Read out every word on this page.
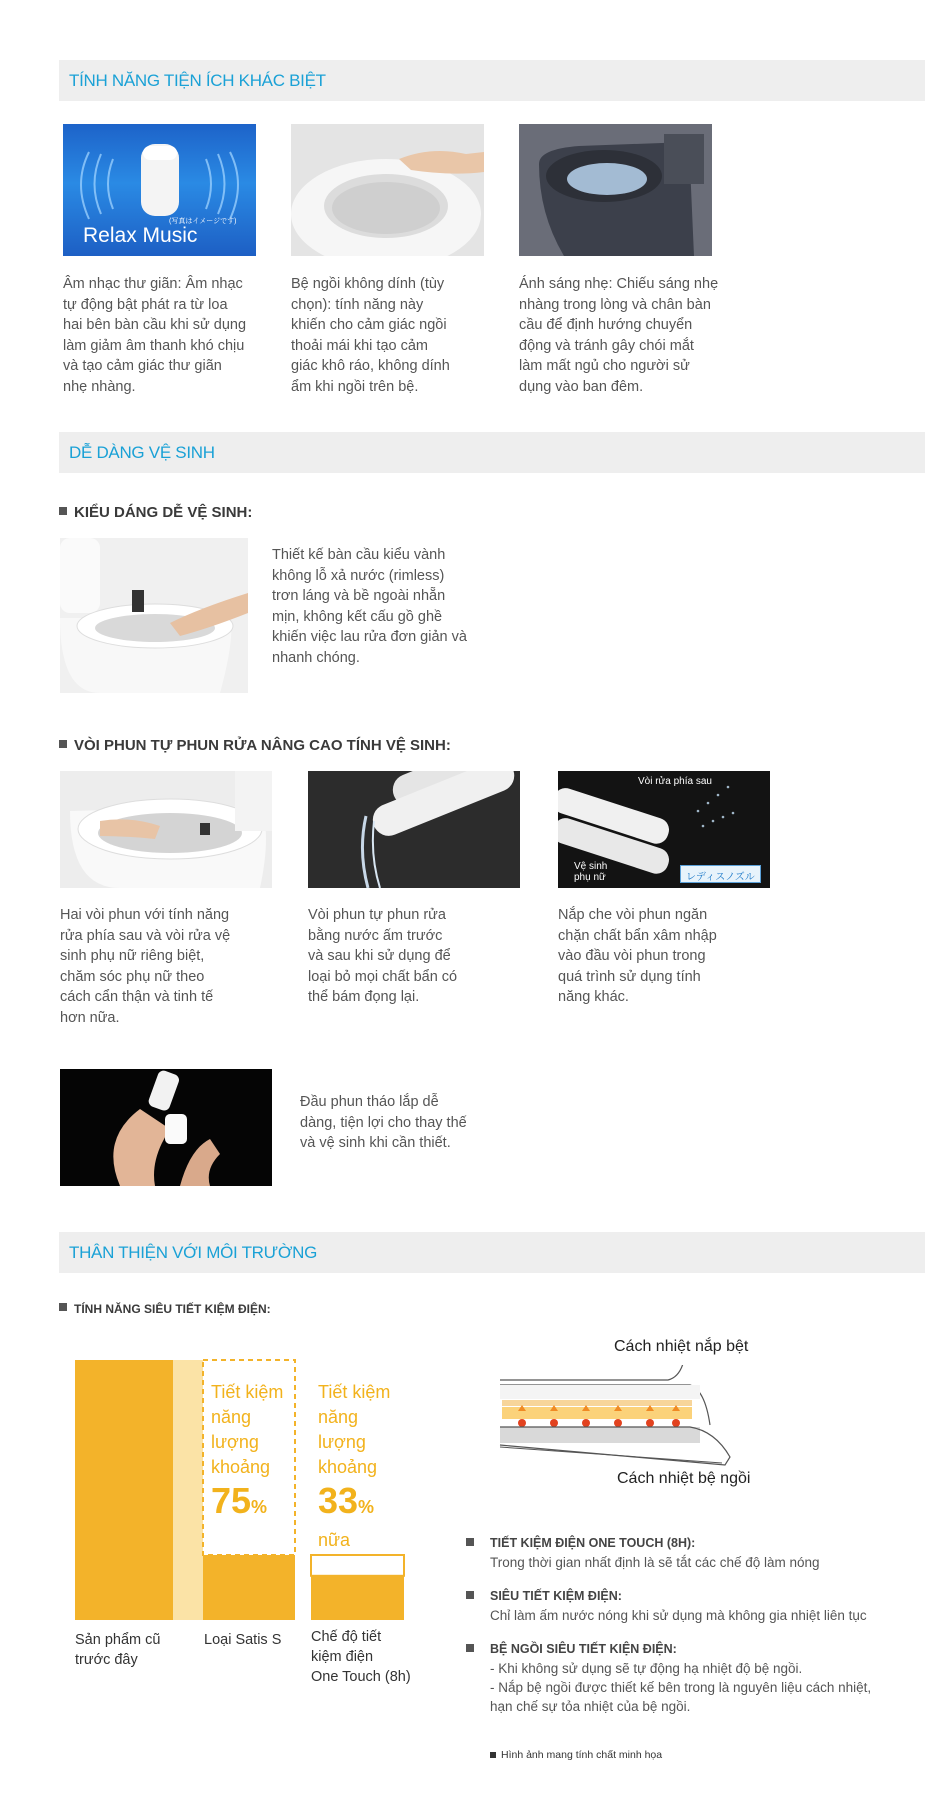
TÍNH NĂNG TIỆN ÍCH KHÁC BIỆT
(写真はイメージです)
Relax Music
Âm nhạc thư giãn: Âm nhạc
tự động bật phát ra từ loa
hai bên bàn cầu khi sử dụng
làm giảm âm thanh khó chịu
và tạo cảm giác thư giãn
nhẹ nhàng.
Bệ ngồi không dính (tùy
chọn): tính năng này
khiến cho cảm giác ngồi
thoải mái khi tạo cảm
giác khô ráo, không dính
ẩm khi ngồi trên bệ.
Ánh sáng nhẹ: Chiếu sáng nhẹ
nhàng trong lòng và chân bàn
cầu để định hướng chuyển
động và tránh gây chói mắt
làm mất ngủ cho người sử
dụng vào ban đêm.
DỄ DÀNG VỆ SINH
KIỂU DÁNG DỄ VỆ SINH:
Thiết kế bàn cầu kiểu vành
không lỗ xả nước (rimless)
trơn láng và bề ngoài nhẵn
mịn, không kết cấu gồ ghề
khiến việc lau rửa đơn giản và
nhanh chóng.
VÒI PHUN TỰ PHUN RỬA NÂNG CAO TÍNH VỆ SINH:
Vòi rửa phía sau
Vệ sinh
phụ nữ	レディスノズル
Hai vòi phun với tính năng
rửa phía sau và vòi rửa vệ
sinh phụ nữ riêng biệt,
chăm sóc phụ nữ theo
cách cẩn thận và tinh tế
hơn nữa.
Vòi phun tự phun rửa
bằng nước ấm trước
và sau khi sử dụng để
loại bỏ mọi chất bẩn có
thể bám đọng lại.
Nắp che vòi phun ngăn
chặn chất bẩn xâm nhập
vào đầu vòi phun trong
quá trình sử dụng tính
năng khác.
Đầu phun tháo lắp dễ
dàng, tiện lợi cho thay thế
và vệ sinh khi cần thiết.
THÂN THIỆN VỚI MÔI TRƯỜNG
TÍNH NĂNG SIÊU TIẾT KIỆM ĐIỆN:
Tiết kiệm
năng
lượng
khoảng
75%
Tiết kiệm
năng
lượng
khoảng
33%
nữa
Sản phẩm cũ
trước đây
Loại Satis S Chế độ tiết
kiệm điện
One Touch (8h)
Cách nhiệt nắp bệt
Cách nhiệt bệ ngồi
TIẾT KIỆM ĐIỆN ONE TOUCH (8H):
Trong thời gian nhất định là sẽ tắt các chế độ làm nóng
SIÊU TIẾT KIỆM ĐIỆN:
Chỉ làm ấm nước nóng khi sử dụng mà không gia nhiệt liên tục
BỆ NGỒI SIÊU TIẾT KIỆN ĐIỆN:
- Khi không sử dụng sẽ tự động hạ nhiệt độ bệ ngồi.
- Nắp bệ ngồi được thiết kế bên trong là nguyên liệu cách nhiệt,
hạn chế sự tỏa nhiệt của bệ ngồi.
Hình ảnh mang tính chất minh họa
